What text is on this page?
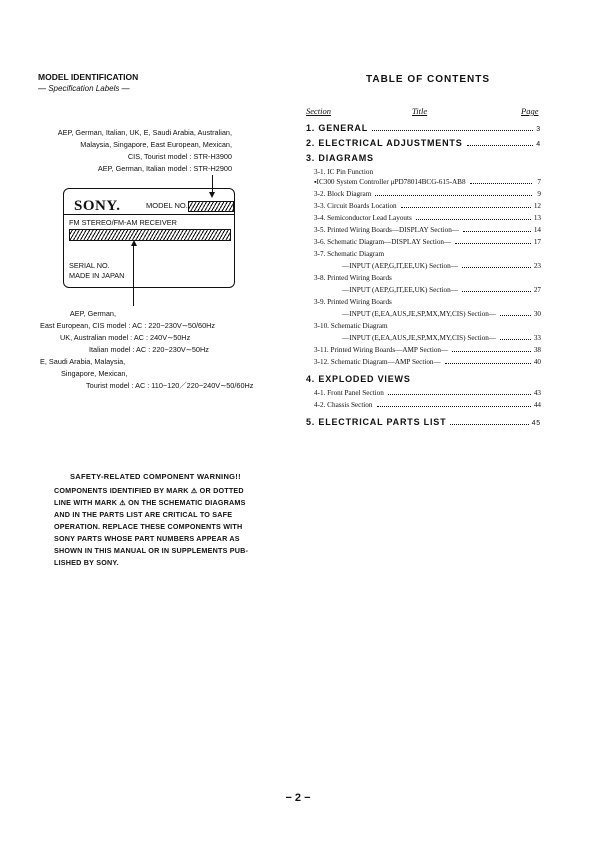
MODEL IDENTIFICATION
— Specification Labels —
AEP, German, Italian, UK, E, Saudi Arabia, Australian,
Malaysia, Singapore, East European, Mexican,
CIS, Tourist model : STR-H3900
AEP, German, Italian model : STR-H2900
SONY.	MODEL NO.
FM STEREO/FM-AM RECEIVER
SERIAL NO.
MADE IN JAPAN
AEP, German,
East European, CIS model : AC : 220−230V∼50/60Hz
UK, Australian model : AC : 240V∼50Hz
Italian model : AC : 220−230V∼50Hz
E, Saudi Arabia, Malaysia,
Singapore, Mexican,
Tourist model : AC : 110−120／220−240V∼50/60Hz
SAFETY-RELATED COMPONENT WARNING!!
COMPONENTS IDENTIFIED BY MARK ⚠ OR DOTTED
LINE WITH MARK ⚠ ON THE SCHEMATIC DIAGRAMS
AND IN THE PARTS LIST ARE CRITICAL TO SAFE
OPERATION. REPLACE THESE COMPONENTS WITH
SONY PARTS WHOSE PART NUMBERS APPEAR AS
SHOWN IN THIS MANUAL OR IN SUPPLEMENTS PUB-
LISHED BY SONY.
TABLE OF CONTENTS
Section	Title	Page
1. GENERAL	3
2. ELECTRICAL ADJUSTMENTS	4
3. DIAGRAMS
3-1. IC Pin Function
▪IC300 System Controller μPD78014BCG-615-AB8	7
3-2. Block Diagram	9
3-3. Circuit Boards Location	12
3-4. Semiconductor Lead Layouts	13
3-5. Printed Wiring Boards—DISPLAY Section—	14
3-6. Schematic Diagram—DISPLAY Section—	17
3-7. Schematic Diagram
—INPUT (AEP,G,IT,EE,UK) Section—	23
3-8. Printed Wiring Boards
—INPUT (AEP,G,IT,EE,UK) Section—	27
3-9. Printed Wiring Boards
—INPUT (E,EA,AUS,JE,SP,MX,MY,CIS) Section—	30
3-10. Schematic Diagram
—INPUT (E,EA,AUS,JE,SP,MX,MY,CIS) Section—	33
3-11. Printed Wiring Boards—AMP Section—	38
3-12. Schematic Diagram—AMP Section—	40
4. EXPLODED VIEWS
4-1. Front Panel Section	43
4-2. Chassis Section	44
5. ELECTRICAL PARTS LIST	45
− 2 −
